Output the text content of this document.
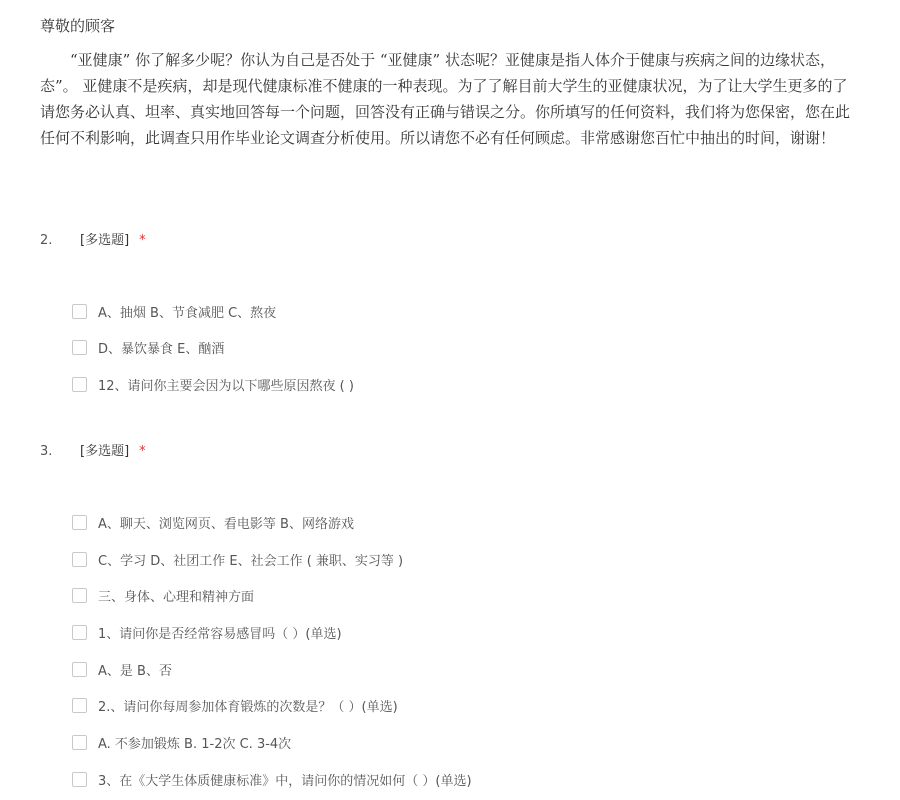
尊敬的顾客
　　“亚健康” 你了解多少呢？你认为自己是否处于 “亚健康” 状态呢？亚健康是指人体介于健康与疾病之间的边缘状态，
态”。 亚健康不是疾病，却是现代健康标准不健康的一种表现。为了了解目前大学生的亚健康状况，为了让大学生更多的了
请您务必认真、坦率、真实地回答每一个问题，回答没有正确与错误之分。你所填写的任何资料，我们将为您保密，您在此
任何不利影响，此调查只用作毕业论文调查分析使用。所以请您不必有任何顾虑。非常感谢您百忙中抽出的时间，谢谢！
2. [多选题] *
A、抽烟 B、节食减肥 C、熬夜
D、暴饮暴食 E、酗酒
12、请问你主要会因为以下哪些原因熬夜 ( )
3. [多选题] *
A、聊天、浏览网页、看电影等 B、网络游戏
C、学习 D、社团工作 E、社会工作 ( 兼职、实习等 )
三、身体、心理和精神方面
1、请问你是否经常容易感冒吗（ ）(单选)
A、是 B、否
2.、请问你每周参加体育锻炼的次数是？（ ）(单选)
A. 不参加锻炼 B. 1-2次 C. 3-4次
3、在《大学生体质健康标准》中，请问你的情况如何（ ）(单选)
